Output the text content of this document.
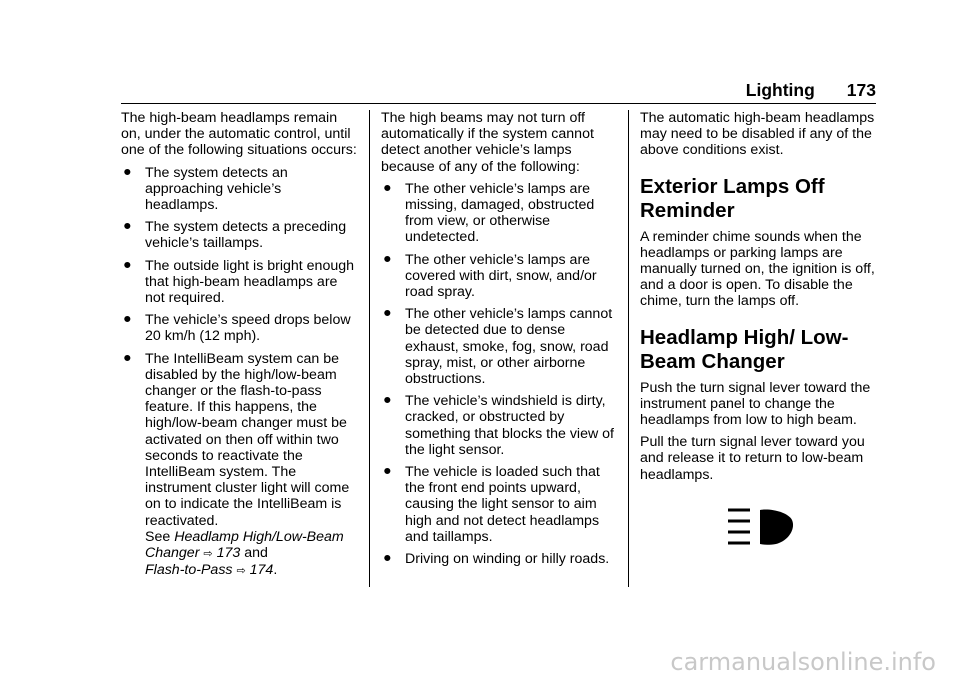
Lighting 173

The high-beam headlamps remain on, under the automatic control, until one of the following situations occurs:

● The system detects an approaching vehicle’s headlamps.
● The system detects a preceding vehicle’s taillamps.
● The outside light is bright enough that high-beam headlamps are not required.
● The vehicle’s speed drops below 20 km/h (12 mph).
● The IntelliBeam system can be disabled by the high/low-beam changer or the flash-to-pass feature. If this happens, the high/low-beam changer must be activated on then off within two seconds to reactivate the IntelliBeam system. The instrument cluster light will come on to indicate the IntelliBeam is reactivated.
See Headlamp High/Low-Beam Changer ⇨ 173 and
Flash-to-Pass ⇨ 174.

The high beams may not turn off automatically if the system cannot detect another vehicle’s lamps because of any of the following:

● The other vehicle’s lamps are missing, damaged, obstructed from view, or otherwise undetected.
● The other vehicle’s lamps are covered with dirt, snow, and/or road spray.
● The other vehicle’s lamps cannot be detected due to dense exhaust, smoke, fog, snow, road spray, mist, or other airborne obstructions.
● The vehicle’s windshield is dirty, cracked, or obstructed by something that blocks the view of the light sensor.
● The vehicle is loaded such that the front end points upward, causing the light sensor to aim high and not detect headlamps and taillamps.
● Driving on winding or hilly roads.

The automatic high-beam headlamps may need to be disabled if any of the above conditions exist.

Exterior Lamps Off Reminder

A reminder chime sounds when the headlamps or parking lamps are manually turned on, the ignition is off, and a door is open. To disable the chime, turn the lamps off.

Headlamp High/ Low-Beam Changer

Push the turn signal lever toward the instrument panel to change the headlamps from low to high beam.

Pull the turn signal lever toward you and release it to return to low-beam headlamps.

carmanualsonline.info
